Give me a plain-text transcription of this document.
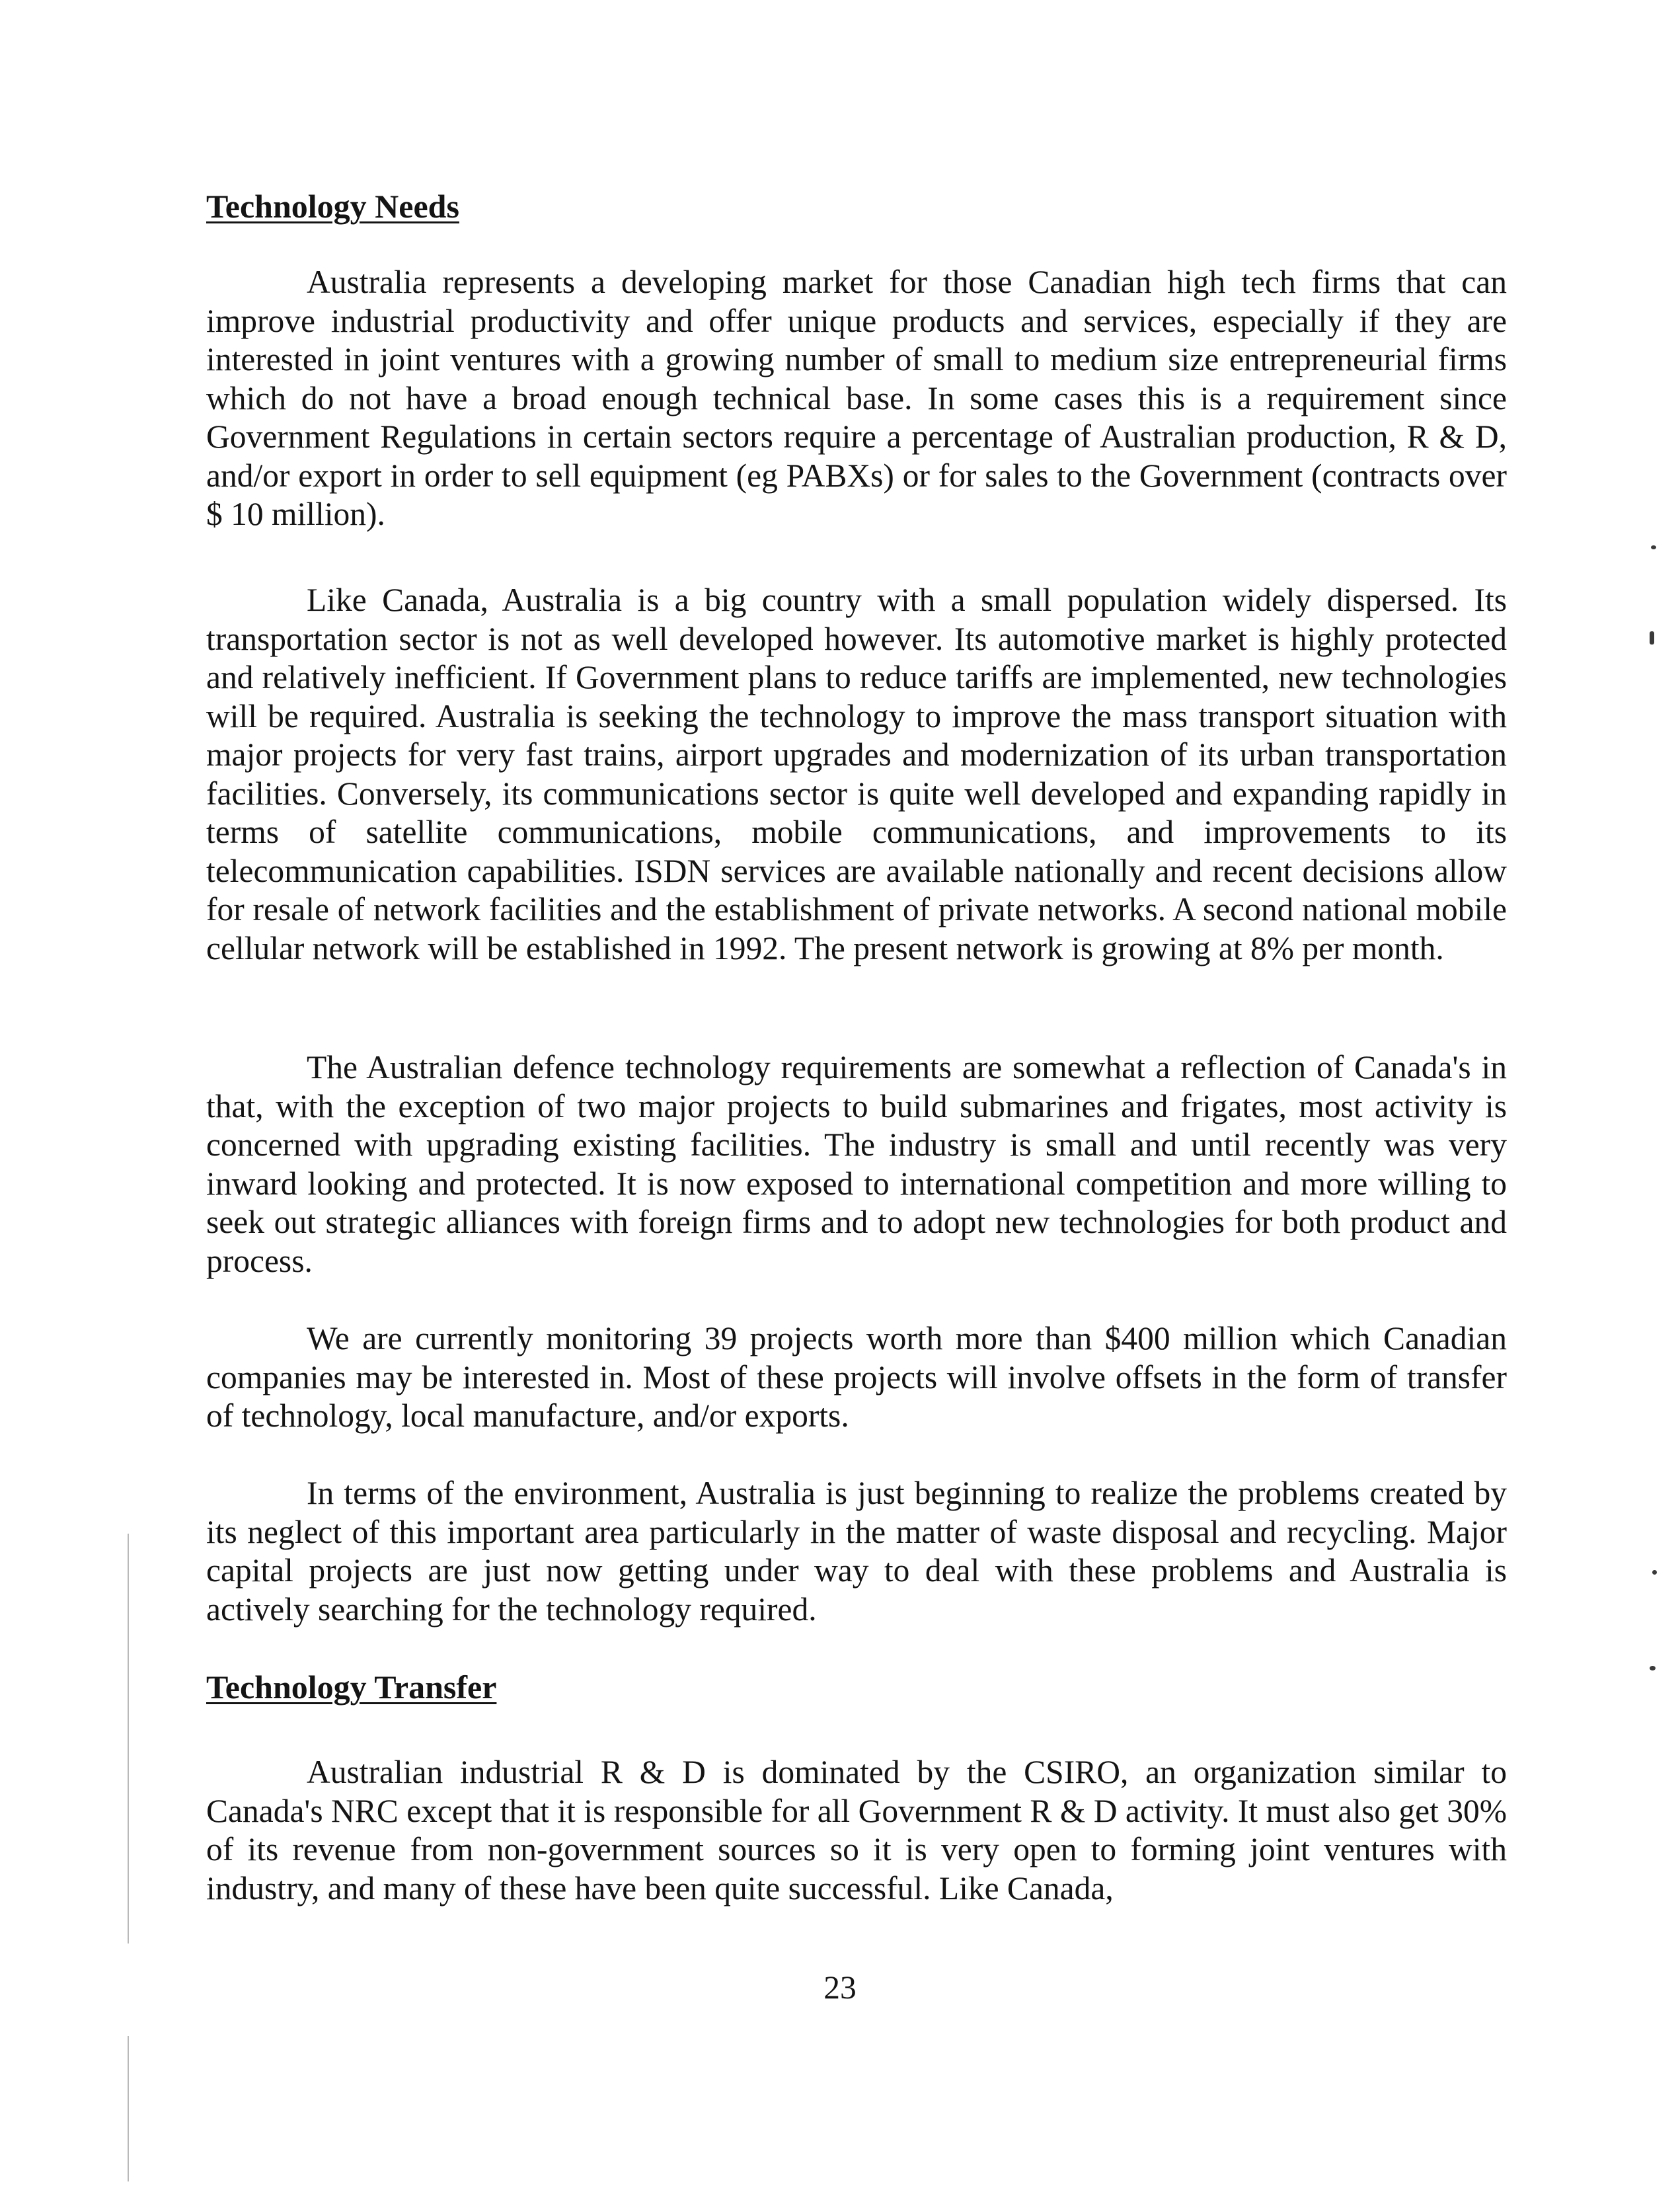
Technology Needs

Australia represents a developing market for those Canadian high tech firms that can improve industrial productivity and offer unique products and services, especially if they are interested in joint ventures with a growing number of small to medium size entrepreneurial firms which do not have a broad enough technical base. In some cases this is a requirement since Government Regulations in certain sectors require a percentage of Australian production, R & D, and/or export in order to sell equipment (eg PABXs) or for sales to the Government (contracts over $ 10 million).

Like Canada, Australia is a big country with a small population widely dispersed. Its transportation sector is not as well developed however. Its automotive market is highly protected and relatively inefficient. If Government plans to reduce tariffs are implemented, new technologies will be required. Australia is seeking the technology to improve the mass transport situation with major projects for very fast trains, airport upgrades and modernization of its urban transportation facilities. Conversely, its communications sector is quite well developed and expanding rapidly in terms of satellite communications, mobile communications, and improvements to its telecommunication capabilities. ISDN services are available nationally and recent decisions allow for resale of network facilities and the establishment of private networks. A second national mobile cellular network will be established in 1992. The present network is growing at 8% per month.

The Australian defence technology requirements are somewhat a reflection of Canada's in that, with the exception of two major projects to build submarines and frigates, most activity is concerned with upgrading existing facilities. The industry is small and until recently was very inward looking and protected. It is now exposed to international competition and more willing to seek out strategic alliances with foreign firms and to adopt new technologies for both product and process.

We are currently monitoring 39 projects worth more than $400 million which Canadian companies may be interested in. Most of these projects will involve offsets in the form of transfer of technology, local manufacture, and/or exports.

In terms of the environment, Australia is just beginning to realize the problems created by its neglect of this important area particularly in the matter of waste disposal and recycling. Major capital projects are just now getting under way to deal with these problems and Australia is actively searching for the technology required.

Technology Transfer

Australian industrial R & D is dominated by the CSIRO, an organization similar to Canada's NRC except that it is responsible for all Government R & D activity. It must also get 30% of its revenue from non-government sources so it is very open to forming joint ventures with industry, and many of these have been quite successful. Like Canada,

23
